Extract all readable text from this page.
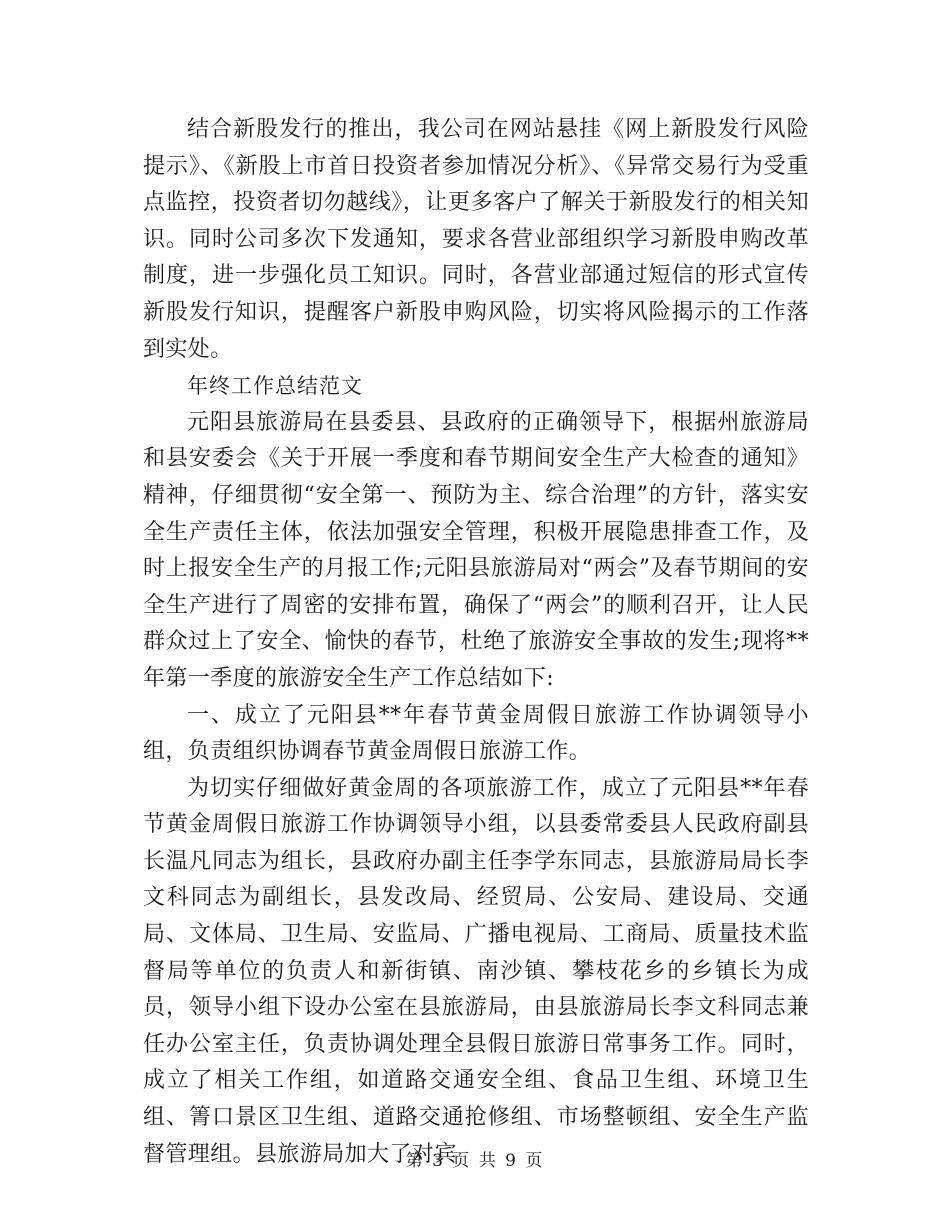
结合新股发行的推出，我公司在网站悬挂《网上新股发行风险提示》、《新股上市首日投资者参加情况分析》、《异常交易行为受重点监控，投资者切勿越线》，让更多客户了解关于新股发行的相关知识。同时公司多次下发通知，要求各营业部组织学习新股申购改革制度，进一步强化员工知识。同时，各营业部通过短信的形式宣传新股发行知识，提醒客户新股申购风险，切实将风险揭示的工作落到实处。

年终工作总结范文

元阳县旅游局在县委县、县政府的正确领导下，根据州旅游局和县安委会《关于开展一季度和春节期间安全生产大检查的通知》精神，仔细贯彻“安全第一、预防为主、综合治理”的方针，落实安全生产责任主体，依法加强安全管理，积极开展隐患排查工作，及时上报安全生产的月报工作;元阳县旅游局对“两会”及春节期间的安全生产进行了周密的安排布置，确保了“两会”的顺利召开，让人民群众过上了安全、愉快的春节，杜绝了旅游安全事故的发生;现将**年第一季度的旅游安全生产工作总结如下:

一、成立了元阳县**年春节黄金周假日旅游工作协调领导小组，负责组织协调春节黄金周假日旅游工作。

为切实仔细做好黄金周的各项旅游工作，成立了元阳县**年春节黄金周假日旅游工作协调领导小组，以县委常委县人民政府副县长温凡同志为组长，县政府办副主任李学东同志，县旅游局局长李文科同志为副组长，县发改局、经贸局、公安局、建设局、交通局、文体局、卫生局、安监局、广播电视局、工商局、质量技术监督局等单位的负责人和新街镇、南沙镇、攀枝花乡的乡镇长为成员，领导小组下设办公室在县旅游局，由县旅游局长李文科同志兼任办公室主任，负责协调处理全县假日旅游日常事务工作。同时，成立了相关工作组，如道路交通安全组、食品卫生组、环境卫生组、箐口景区卫生组、道路交通抢修组、市场整顿组、安全生产监督管理组。县旅游局加大了对宾

第 3 页 共 9 页
